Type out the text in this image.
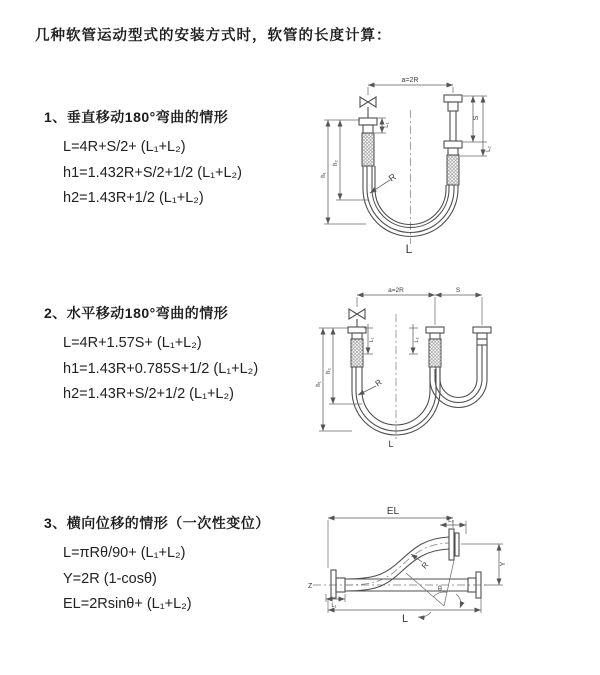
几种软管运动型式的安装方式时，软管的长度计算：
1、垂直移动180°弯曲的情形
L=4R+S/2+ (L₁+L₂)
h1=1.432R+S/2+1/2 (L₁+L₂)
h2=1.43R+1/2 (L₁+L₂)
2、水平移动180°弯曲的情形
L=4R+1.57S+ (L₁+L₂)
h1=1.43R+0.785S+1/2 (L₁+L₂)
h2=1.43R+S/2+1/2 (L₁+L₂)
3、横向位移的情形（一次性变位）
L=πRθ/90+ (L₁+L₂)
Y=2R (1-cosθ)
EL=2Rsinθ+ (L₁+L₂)
a=2R
L₁
S
L₂
h₁
h₂
R
L
a=2R	S
h₁
h₂
L₁	L₂
R
L
Z
EL
L₂
Y
R
θ
L
L₁
